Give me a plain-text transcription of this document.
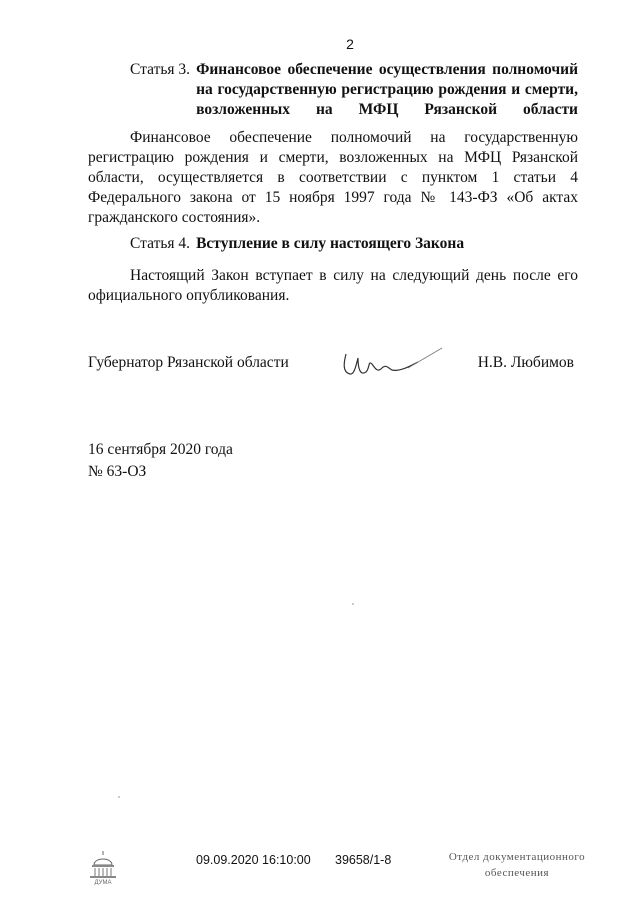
2
Статья 3. Финансовое обеспечение осуществления полномочий на государственную регистрацию рождения и смерти, возложенных на МФЦ Рязанской области
Финансовое обеспечение полномочий на государственную регистрацию рождения и смерти, возложенных на МФЦ Рязанской области, осуществляется в соответствии с пунктом 1 статьи 4 Федерального закона от 15 ноября 1997 года № 143-ФЗ «Об актах гражданского состояния».
Статья 4. Вступление в силу настоящего Закона
Настоящий Закон вступает в силу на следующий день после его официального опубликования.
Губернатор Рязанской области	Н.В. Любимов
16 сентября 2020 года
№ 63-ОЗ
ДУМА
09.09.2020 16:10:00 39658/1-8	Отдел документационного обеспечения
